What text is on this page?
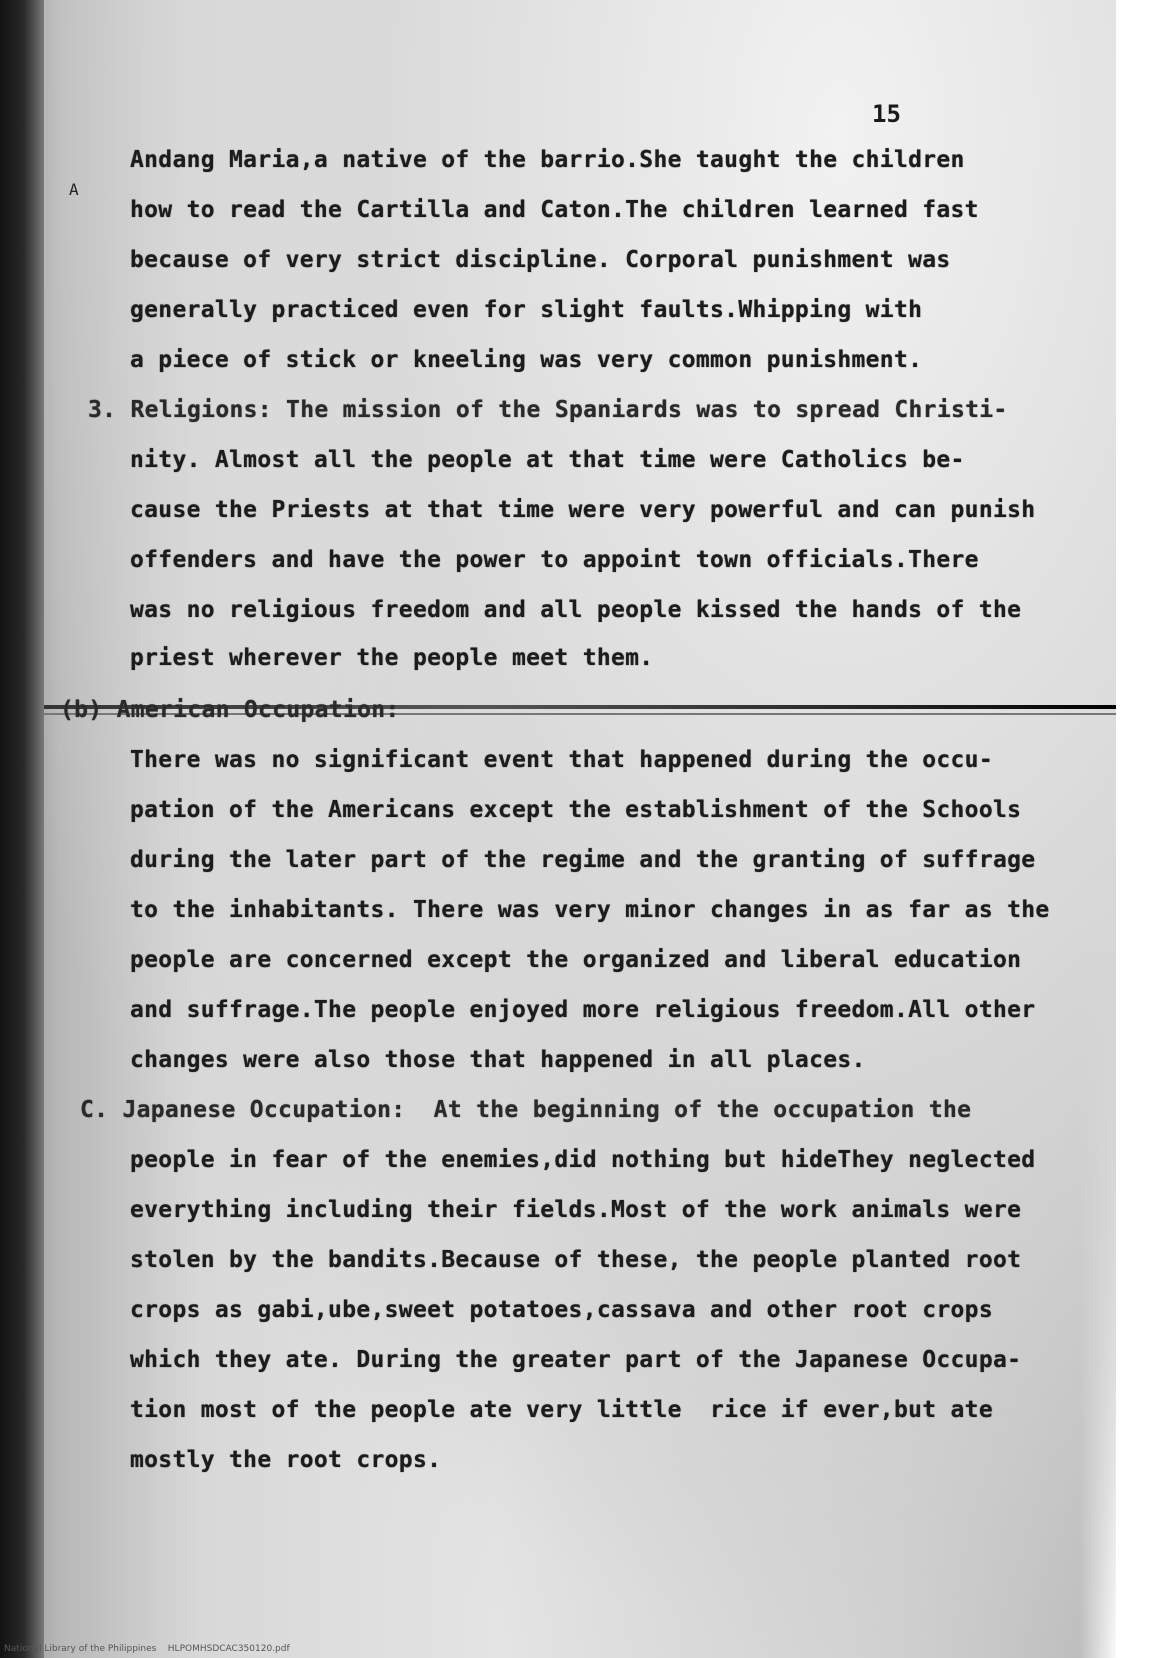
15
A
Andang Maria,a native of the barrio.She taught the children
how to read the Cartilla and Caton.The children learned fast
because of very strict discipline. Corporal punishment was
generally practiced even for slight faults.Whipping with
a piece of stick or kneeling was very common punishment.
3. Religions: The mission of the Spaniards was to spread Christi-
nity. Almost all the people at that time were Catholics be-
cause the Priests at that time were very powerful and can punish
offenders and have the power to appoint town officials.There
was no religious freedom and all people kissed the hands of the
priest wherever the people meet them.
(b) American Occupation:
There was no significant event that happened during the occu-
pation of the Americans except the establishment of the Schools
during the later part of the regime and the granting of suffrage
to the inhabitants. There was very minor changes in as far as the
people are concerned except the organized and liberal education
and suffrage.The people enjoyed more religious freedom.All other
changes were also those that happened in all places.
C. Japanese Occupation:  At the beginning of the occupation the
people in fear of the enemies,did nothing but hideThey neglected
everything including their fields.Most of the work animals were
stolen by the bandits.Because of these, the people planted root
crops as gabi,ube,sweet potatoes,cassava and other root crops
which they ate. During the greater part of the Japanese Occupa-
tion most of the people ate very little  rice if ever,but ate
mostly the root crops.
National Library of the Philippines    HLPOMHSDCAC350120.pdf
